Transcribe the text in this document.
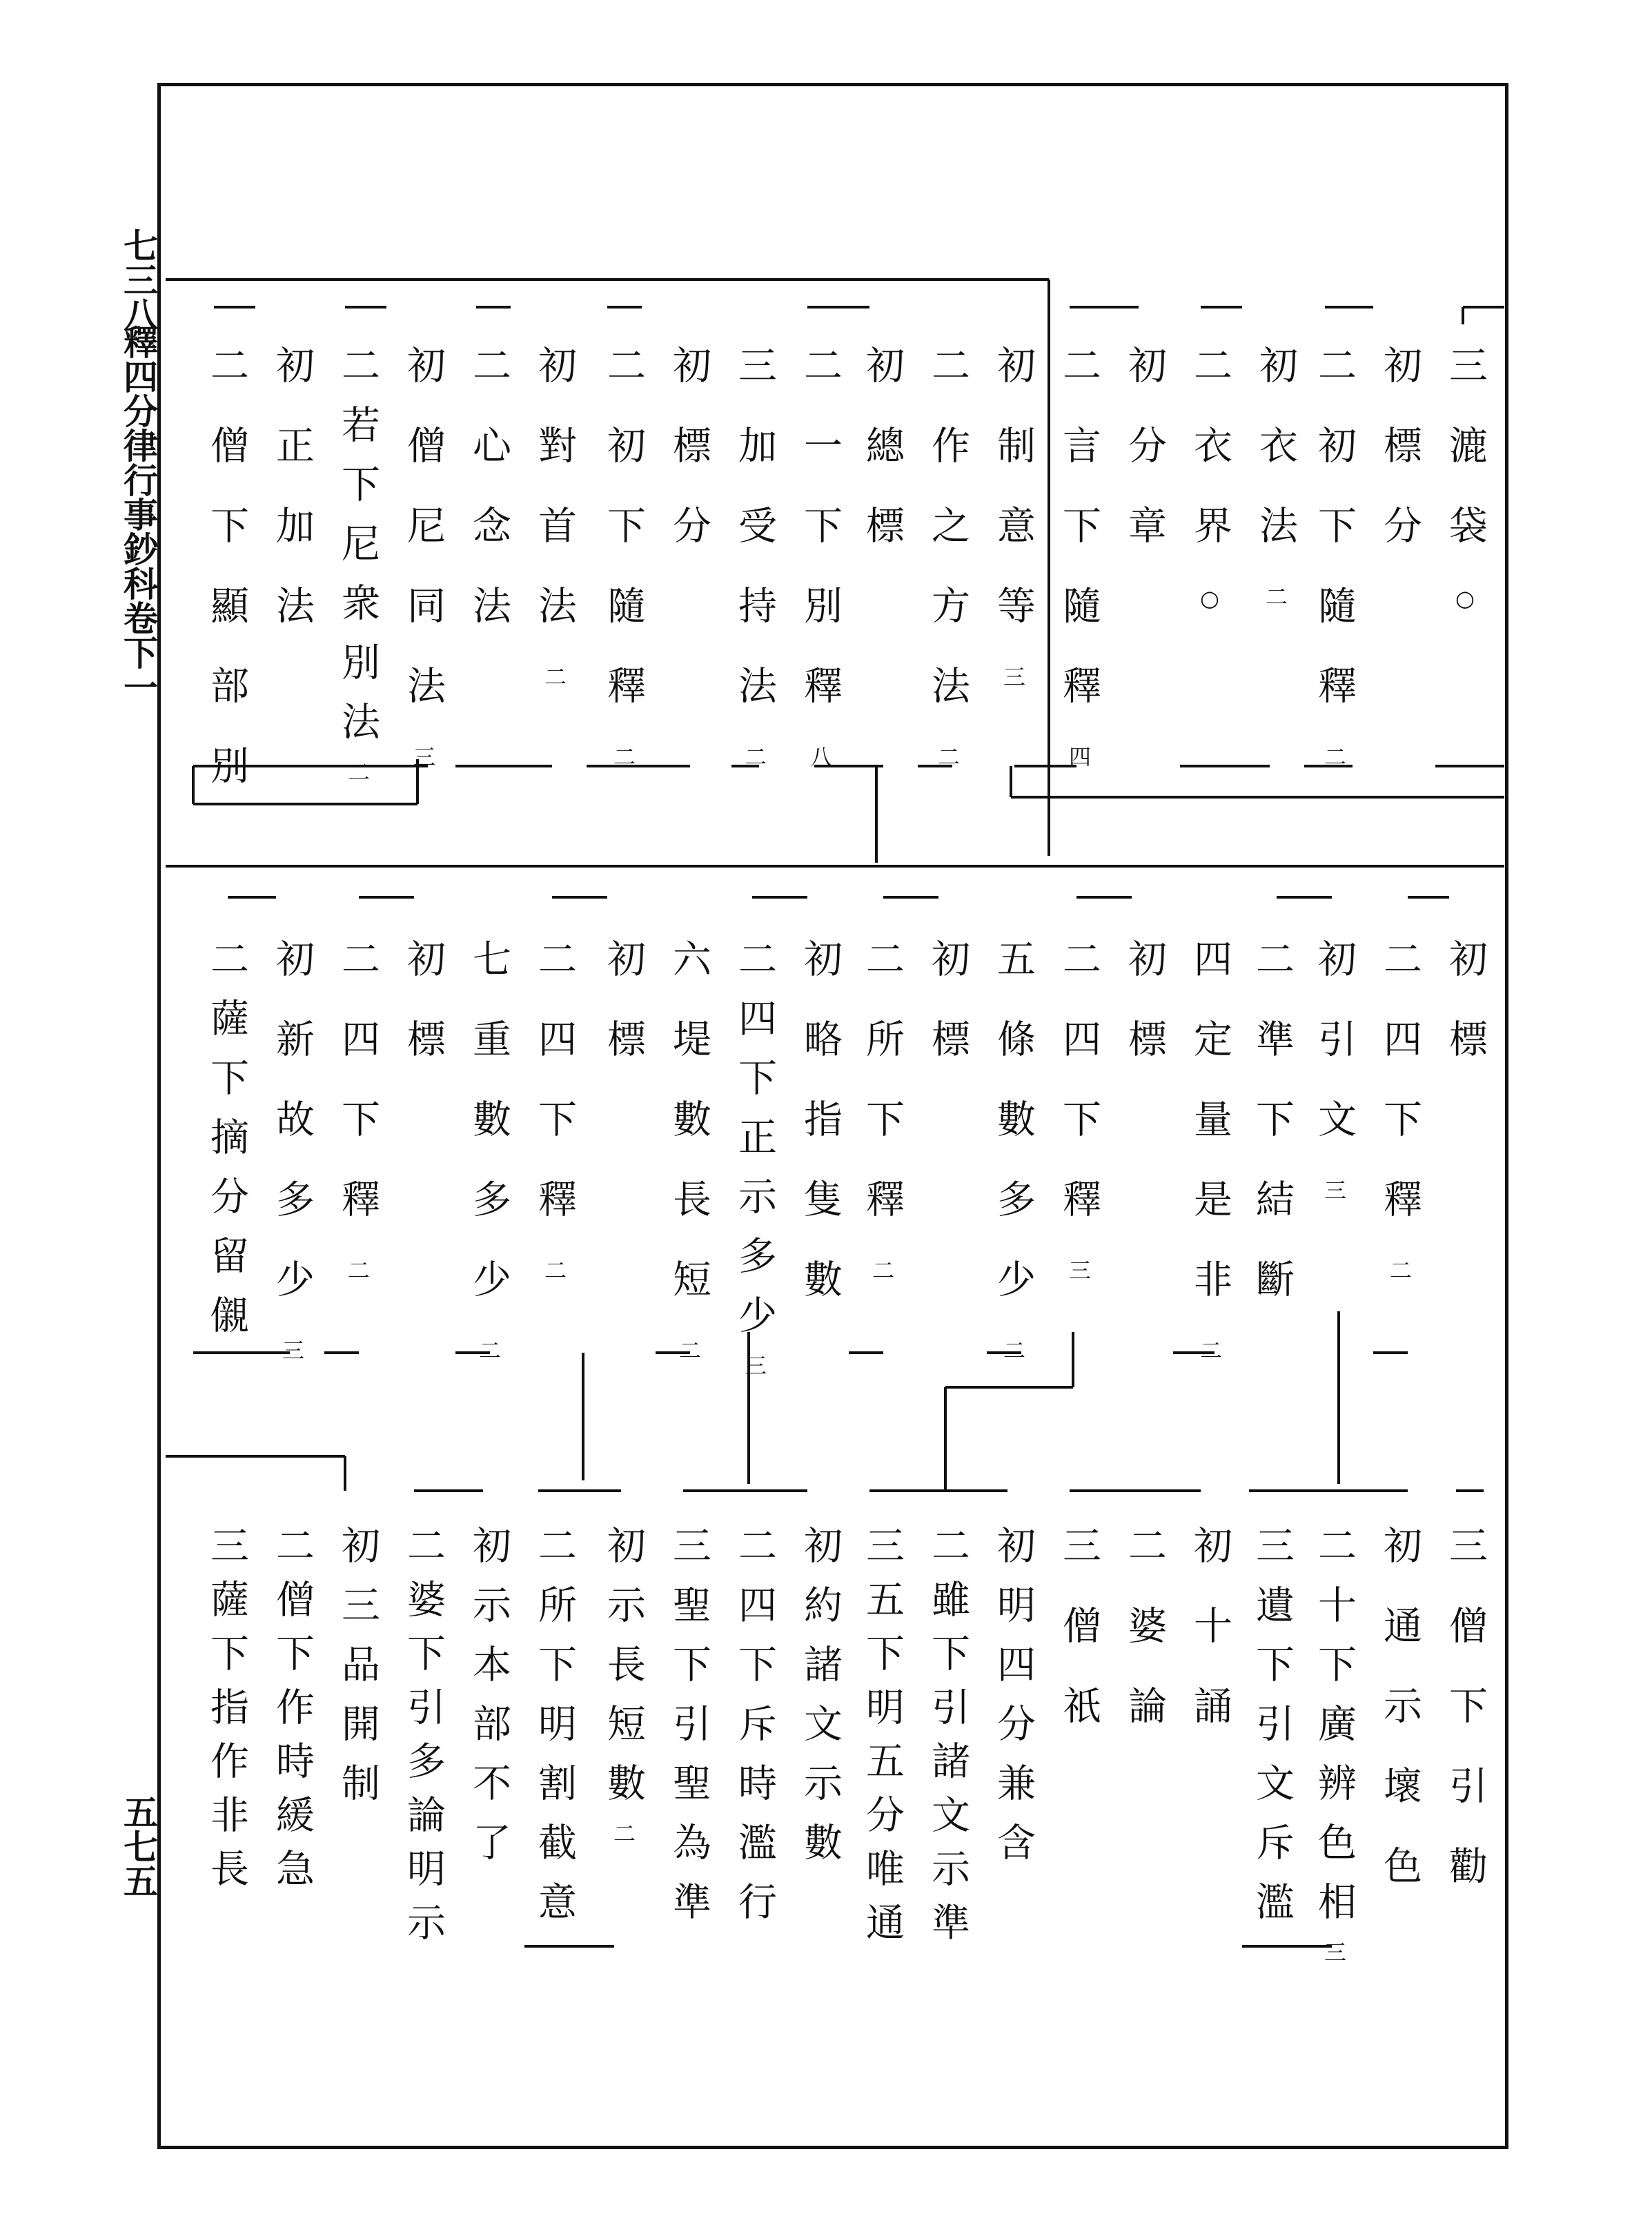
七三八
釋四分律行事鈔科卷下一
五七五
三漉袋○
初標分
二初下隨釋二
初衣法二
二衣界○
初分章
二言下隨釋四
初制意等三
二作之方法二
初總標
二一下別釋八
三加受持法二
初標分
二初下隨釋二
初對首法二
二心念法
初僧尼同法三
二若下尼衆別法二
初正加法
二僧下顯部別
初標
二四下釋二
初引文三
二準下結斷
四定量是非二
初標
二四下釋三
五條數多少二
初標
二所下釋二
初略指隻數
二四下正示多少三
六堤數長短二
初標
二四下釋二
七重數多少二
初標
二四下釋二
初新故多少三
二薩下摘分留儭
三僧下引勸
初通示壞色
二十下廣辨色相三
三遺下引文斥濫
初十誦
二婆論
三僧祇
初明四分兼含
二雖下引諸文示準
三五下明五分唯通
初約諸文示數
二四下斥時濫行
三聖下引聖為準
初示長短數二
二所下明割截意
初示本部不了
二婆下引多論明示
初三品開制
二僧下作時緩急
三薩下指作非長
